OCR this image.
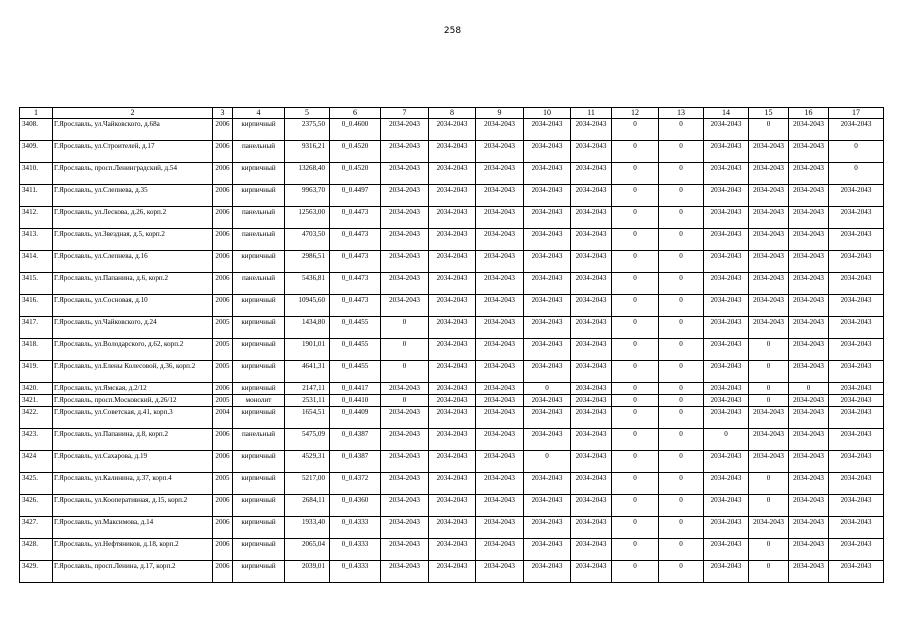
258
1	2	3	4	5	6	7	8	9	10	11	12	13	14	15	16	17
3408.	Г.Ярославль, ул.Чайковского, д.68а	2006	кирпичный	2375,50	0_0.4600	2034-2043	2034-2043	2034-2043	2034-2043	2034-2043	0	0	2034-2043	0	2034-2043	2034-2043
3409.	Г.Ярославль, ул.Строителей, д.17	2006	панельный	9316,21	0_0.4520	2034-2043	2034-2043	2034-2043	2034-2043	2034-2043	0	0	2034-2043	2034-2043	2034-2043	0
3410.	Г.Ярославль, просп.Ленинградский, д.54	2006	кирпичный	13268,40	0_0.4520	2034-2043	2034-2043	2034-2043	2034-2043	2034-2043	0	0	2034-2043	2034-2043	2034-2043	0
3411.	Г.Ярославль, ул.Слепнева, д.35	2006	кирпичный	9963,70	0_0.4497	2034-2043	2034-2043	2034-2043	2034-2043	2034-2043	0	0	2034-2043	2034-2043	2034-2043	2034-2043
3412.	Г.Ярославль, ул.Лескова, д.26, корп.2	2006	панельный	12563,00	0_0.4473	2034-2043	2034-2043	2034-2043	2034-2043	2034-2043	0	0	2034-2043	2034-2043	2034-2043	2034-2043
3413.	Г.Ярославль, ул.Звездная, д.5, корп.2	2006	панельный	4703,50	0_0.4473	2034-2043	2034-2043	2034-2043	2034-2043	2034-2043	0	0	2034-2043	2034-2043	2034-2043	2034-2043
3414.	Г.Ярославль, ул.Слепнева, д.16	2006	кирпичный	2986,51	0_0.4473	2034-2043	2034-2043	2034-2043	2034-2043	2034-2043	0	0	2034-2043	2034-2043	2034-2043	2034-2043
3415.	Г.Ярославль, ул.Папанина, д.6, корп.2	2006	панельный	5436,81	0_0.4473	2034-2043	2034-2043	2034-2043	2034-2043	2034-2043	0	0	2034-2043	2034-2043	2034-2043	2034-2043
3416.	Г.Ярославль, ул.Сосновая, д.10	2006	кирпичный	10945,60	0_0.4473	2034-2043	2034-2043	2034-2043	2034-2043	2034-2043	0	0	2034-2043	2034-2043	2034-2043	2034-2043
3417.	Г.Ярославль, ул.Чайковского, д.24	2005	кирпичный	1434,80	0_0.4455	0	2034-2043	2034-2043	2034-2043	2034-2043	0	0	2034-2043	2034-2043	2034-2043	2034-2043
3418.	Г.Ярославль, ул.Володарского, д.62, корп.2	2005	кирпичный	1901,01	0_0.4455	0	2034-2043	2034-2043	2034-2043	2034-2043	0	0	2034-2043	0	2034-2043	2034-2043
3419.	Г.Ярославль, ул.Елены Колесовой, д.36, корп.2	2005	кирпичный	4641,31	0_0.4455	0	2034-2043	2034-2043	2034-2043	2034-2043	0	0	2034-2043	0	2034-2043	2034-2043
3420.	Г.Ярославль, ул.Ямская, д.2/12	2006	кирпичный	2147,11	0_0.4417	2034-2043	2034-2043	2034-2043	0	2034-2043	0	0	2034-2043	0	0	2034-2043
3421.	Г.Ярославль, просп.Московский, д.26/12	2005	монолит	2531,11	0_0.4410	0	2034-2043	2034-2043	2034-2043	2034-2043	0	0	2034-2043	0	2034-2043	2034-2043
3422.	Г.Ярославль, ул.Советская, д.41, корп.3	2004	кирпичный	1654,51	0_0.4409	2034-2043	2034-2043	2034-2043	2034-2043	2034-2043	0	0	2034-2043	2034-2043	2034-2043	2034-2043
3423.	Г.Ярославль, ул.Папанина, д.8, корп.2	2006	панельный	5475,09	0_0.4387	2034-2043	2034-2043	2034-2043	2034-2043	2034-2043	0	0	0	2034-2043	2034-2043	2034-2043
3424	Г.Ярославль, ул.Сахарова, д.19	2006	кирпичный	4529,31	0_0.4387	2034-2043	2034-2043	2034-2043	0	2034-2043	0	0	2034-2043	2034-2043	2034-2043	2034-2043
3425.	Г.Ярославль, ул.Калинина, д.37, корп.4	2005	кирпичный	5217,00	0_0.4372	2034-2043	2034-2043	2034-2043	2034-2043	2034-2043	0	0	2034-2043	0	2034-2043	2034-2043
3426.	Г.Ярославль, ул.Кооперативная, д.15, корп.2	2006	кирпичный	2684,11	0_0.4360	2034-2043	2034-2043	2034-2043	2034-2043	2034-2043	0	0	2034-2043	0	2034-2043	2034-2043
3427.	Г.Ярославль, ул.Максимова, д.14	2006	кирпичный	1933,40	0_0.4333	2034-2043	2034-2043	2034-2043	2034-2043	2034-2043	0	0	2034-2043	2034-2043	2034-2043	2034-2043
3428.	Г.Ярославль, ул.Нефтяников, д.18, корп.2	2006	кирпичный	2065,04	0_0.4333	2034-2043	2034-2043	2034-2043	2034-2043	2034-2043	0	0	2034-2043	0	2034-2043	2034-2043
3429.	Г.Ярославль, просп.Ленина, д.17, корп.2	2006	кирпичный	2039,01	0_0.4333	2034-2043	2034-2043	2034-2043	2034-2043	2034-2043	0	0	2034-2043	0	2034-2043	2034-2043
